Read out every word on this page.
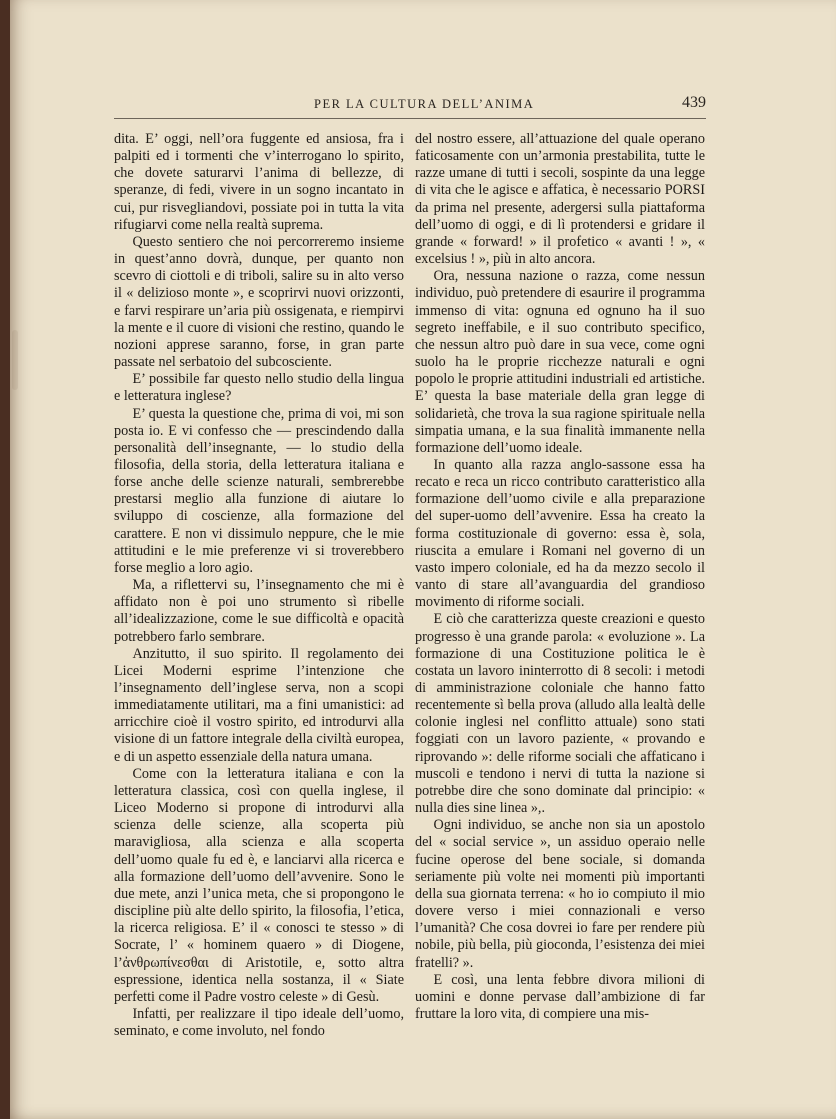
PER LA CULTURA DELL’ANIMA	439

dita. E’ oggi, nell’ora fuggente ed ansiosa, fra i palpiti ed i tormenti che v’interrogano lo spirito, che dovete saturarvi l’anima di bellezze, di speranze, di fedi, vivere in un sogno incantato in cui, pur risvegliandovi, possiate poi in tutta la vita rifugiarvi come nella realtà suprema.

Questo sentiero che noi percorreremo insieme in quest’anno dovrà, dunque, per quanto non scevro di ciottoli e di triboli, salire su in alto verso il « delizioso monte », e scoprirvi nuovi orizzonti, e farvi respirare un’aria più ossigenata, e riempirvi la mente e il cuore di visioni che restino, quando le nozioni apprese saranno, forse, in gran parte passate nel serbatoio del subcosciente.

E’ possibile far questo nello studio della lingua e letteratura inglese?

E’ questa la questione che, prima di voi, mi son posta io. E vi confesso che — prescindendo dalla personalità dell’insegnante, — lo studio della filosofia, della storia, della letteratura italiana e forse anche delle scienze naturali, sembrerebbe prestarsi meglio alla funzione di aiutare lo sviluppo di coscienze, alla formazione del carattere. E non vi dissimulo neppure, che le mie attitudini e le mie preferenze vi si troverebbero forse meglio a loro agio.

Ma, a riflettervi su, l’insegnamento che mi è affidato non è poi uno strumento sì ribelle all’idealizzazione, come le sue difficoltà e opacità potrebbero farlo sembrare.

Anzitutto, il suo spirito. Il regolamento dei Licei Moderni esprime l’intenzione che l’insegnamento dell’inglese serva, non a scopi immediatamente utilitari, ma a fini umanistici: ad arricchire cioè il vostro spirito, ed introdurvi alla visione di un fattore integrale della civiltà europea, e di un aspetto essenziale della natura umana.

Come con la letteratura italiana e con la letteratura classica, così con quella inglese, il Liceo Moderno si propone di introdurvi alla scienza delle scienze, alla scoperta più maravigliosa, alla scienza e alla scoperta dell’uomo quale fu ed è, e lanciarvi alla ricerca e alla formazione dell’uomo dell’avvenire. Sono le due mete, anzi l’unica meta, che si propongono le discipline più alte dello spirito, la filosofia, l’etica, la ricerca religiosa. E’ il « conosci te stesso » di Socrate, l’ « hominem quaero » di Diogene, l’ἀνθρωπίνεσθαι di Aristotile, e, sotto altra espressione, identica nella sostanza, il « Siate perfetti come il Padre vostro celeste » di Gesù.

Infatti, per realizzare il tipo ideale dell’uomo, seminato, e come involuto, nel fondo

del nostro essere, all’attuazione del quale operano faticosamente con un’armonia prestabilita, tutte le razze umane di tutti i secoli, sospinte da una legge di vita che le agisce e affatica, è necessario PORSI da prima nel presente, adergersi sulla piattaforma dell’uomo di oggi, e di lì protendersi e gridare il grande « forward! » il profetico « avanti ! », « excelsius ! », più in alto ancora.

Ora, nessuna nazione o razza, come nessun individuo, può pretendere di esaurire il programma immenso di vita: ognuna ed ognuno ha il suo segreto ineffabile, e il suo contributo specifico, che nessun altro può dare in sua vece, come ogni suolo ha le proprie ricchezze naturali e ogni popolo le proprie attitudini industriali ed artistiche. E’ questa la base materiale della gran legge di solidarietà, che trova la sua ragione spirituale nella simpatia umana, e la sua finalità immanente nella formazione dell’uomo ideale.

In quanto alla razza anglo-sassone essa ha recato e reca un ricco contributo caratteristico alla formazione dell’uomo civile e alla preparazione del super-uomo dell’avvenire. Essa ha creato la forma costituzionale di governo: essa è, sola, riuscita a emulare i Romani nel governo di un vasto impero coloniale, ed ha da mezzo secolo il vanto di stare all’avanguardia del grandioso movimento di riforme sociali.

E ciò che caratterizza queste creazioni e questo progresso è una grande parola: « evoluzione ». La formazione di una Costituzione politica le è costata un lavoro ininterrotto di 8 secoli: i metodi di amministrazione coloniale che hanno fatto recentemente sì bella prova (alludo alla lealtà delle colonie inglesi nel conflitto attuale) sono stati foggiati con un lavoro paziente, « provando e riprovando »: delle riforme sociali che affaticano i muscoli e tendono i nervi di tutta la nazione si potrebbe dire che sono dominate dal principio: « nulla dies sine linea »,.

Ogni individuo, se anche non sia un apostolo del « social service », un assiduo operaio nelle fucine operose del bene sociale, si domanda seriamente più volte nei momenti più importanti della sua giornata terrena: « ho io compiuto il mio dovere verso i miei connazionali e verso l’umanità? Che cosa dovrei io fare per rendere più nobile, più bella, più gioconda, l’esistenza dei miei fratelli? ».

E così, una lenta febbre divora milioni di uomini e donne pervase dall’ambizione di far fruttare la loro vita, di compiere una mis-
